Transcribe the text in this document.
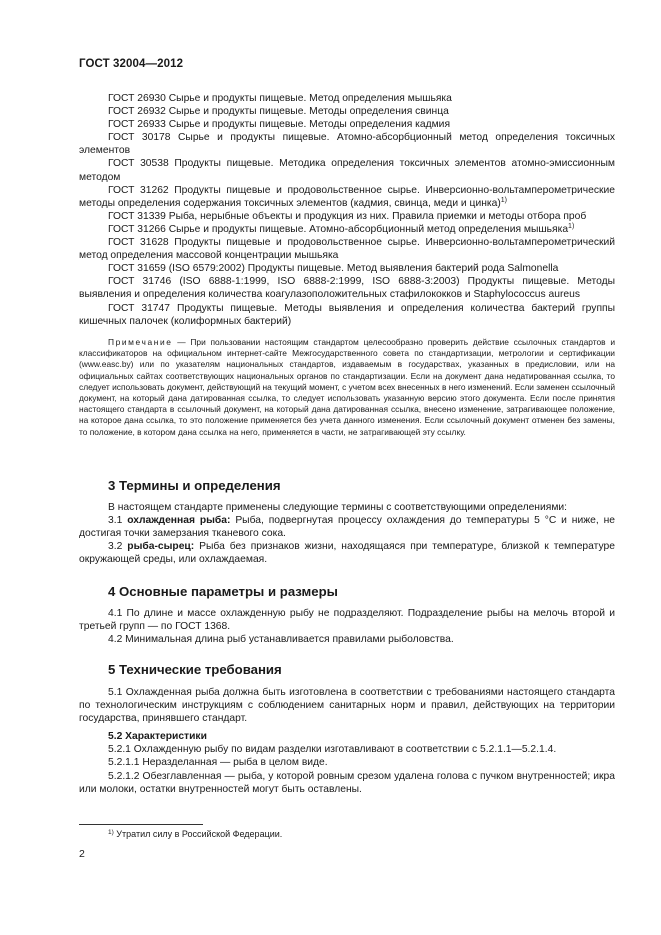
ГОСТ 32004—2012

ГОСТ 26930 Сырье и продукты пищевые. Метод определения мышьяка

ГОСТ 26932 Сырье и продукты пищевые. Методы определения свинца

ГОСТ 26933 Сырье и продукты пищевые. Методы определения кадмия

ГОСТ 30178 Сырье и продукты пищевые. Атомно-абсорбционный метод определения токсичных элементов

ГОСТ 30538 Продукты пищевые. Методика определения токсичных элементов атомно-эмиссионным методом

ГОСТ 31262 Продукты пищевые и продовольственное сырье. Инверсионно-вольтамперометрические методы определения содержания токсичных элементов (кадмия, свинца, меди и цинка)$^{1)}$

ГОСТ 31339 Рыба, нерыбные объекты и продукция из них. Правила приемки и методы отбора проб

ГОСТ 31266 Сырье и продукты пищевые. Атомно-абсорбционный метод определения мышьяка$^{1)}$

ГОСТ 31628 Продукты пищевые и продовольственное сырье. Инверсионно-вольтамперометрический метод определения массовой концентрации мышьяка

ГОСТ 31659 (ISO 6579:2002) Продукты пищевые. Метод выявления бактерий рода Salmonella

ГОСТ 31746 (ISO 6888-1:1999, ISO 6888-2:1999, ISO 6888-3:2003) Продукты пищевые. Методы выявления и определения количества коагулазоположительных стафилококков и Staphylococcus aureus

ГОСТ 31747 Продукты пищевые. Методы выявления и определения количества бактерий группы кишечных палочек (колиформных бактерий)

Примечание — При пользовании настоящим стандартом целесообразно проверить действие ссылочных стандартов и классификаторов на официальном интернет-сайте Межгосударственного совета по стандартизации, метрологии и сертификации (www.easc.by) или по указателям национальных стандартов, издаваемым в государствах, указанных в предисловии, или на официальных сайтах соответствующих национальных органов по стандартизации. Если на документ дана недатированная ссылка, то следует использовать документ, действующий на текущий момент, с учетом всех внесенных в него изменений. Если заменен ссылочный документ, на который дана датированная ссылка, то следует использовать указанную версию этого документа. Если после принятия настоящего стандарта в ссылочный документ, на который дана датированная ссылка, внесено изменение, затрагивающее положение, на которое дана ссылка, то это положение применяется без учета данного изменения. Если ссылочный документ отменен без замены, то положение, в котором дана ссылка на него, применяется в части, не затрагивающей эту ссылку.

3 Термины и определения

В настоящем стандарте применены следующие термины с соответствующими определениями:

3.1 охлажденная рыба: Рыба, подвергнутая процессу охлаждения до температуры 5 °C и ниже, не достигая точки замерзания тканевого сока.

3.2 рыба-сырец: Рыба без признаков жизни, находящаяся при температуре, близкой к температуре окружающей среды, или охлаждаемая.

4 Основные параметры и размеры

4.1 По длине и массе охлажденную рыбу не подразделяют. Подразделение рыбы на мелочь второй и третьей групп — по ГОСТ 1368.

4.2 Минимальная длина рыб устанавливается правилами рыболовства.

5 Технические требования

5.1 Охлажденная рыба должна быть изготовлена в соответствии с требованиями настоящего стандарта по технологическим инструкциям с соблюдением санитарных норм и правил, действующих на территории государства, принявшего стандарт.

5.2 Характеристики

5.2.1 Охлажденную рыбу по видам разделки изготавливают в соответствии с 5.2.1.1—5.2.1.4.

5.2.1.1 Неразделанная — рыба в целом виде.

5.2.1.2 Обезглавленная — рыба, у которой ровным срезом удалена голова с пучком внутренностей; икра или молоки, остатки внутренностей могут быть оставлены.

$^{1)}$ Утратил силу в Российской Федерации.

2
